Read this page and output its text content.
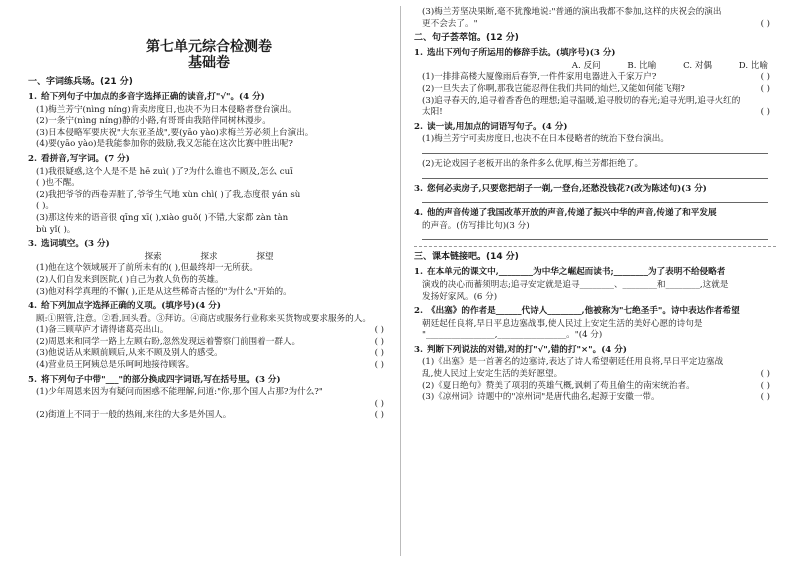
第七单元综合检测卷
基础卷
一、字词练兵场。(21 分)
1. 给下列句子中加点的多音字选择正确的读音,打"√"。(4 分)
(1)梅兰芳宁(nìng níng)肯卖房度日,也决不为日本侵略者登台演出。
(2)一条宁(nìng níng)静的小路,有哥哥由我陪伴同树林漫步。
(3)日本侵略军要庆祝"大东亚圣战",要(yāo yào)求梅兰芳必须上台演出。
(4)要(yāo yào)是我能参加你的鼓励,我又怎能在这次比赛中胜出呢?
2. 看拼音,写字词。(7 分)
(1)我很疑惑,这个人是不是 hē zuì( )了?为什么谁也不顾及,怎么 cuī
( )也不醒。
(2)我把爷爷的西卷弄脏了,爷爷生气地 xùn chì( )了我,态度很 yán sù
( )。
(3)那这传来的语音很 qīng xī( ),xiào guǒ( )不错,大家都 zàn tàn
bù yǐ( )。
3. 选词填空。(3 分)
探索	探求	探望
(1)他在这个领域展开了前所未有的( ),但最终却一无所获。
(2)人们自发来到医院,( )自己为救人负伤的英雄。
(3)他对科学真理的不懈( ),正是从这些稀奇古怪的"为什么"开始的。
4. 给下列加点字选择正确的义项。(填序号)(4 分)
顾:①照管,注意。②看,回头看。③拜访。④商店或服务行业称来买货物或要求服务的人。
(1)备三顾草庐才请得诸葛亮出山。	( )
(2)周恩来和同学一路上左顾右盼,忽然发现远着警察门前围着一群人。	( )
(3)他说话从来顾前顾后,从来不顾及别人的感受。	( )
(4)营业员王阿姨总是乐呵呵地接待顾客。	( )
5. 将下列句子中带"___"的部分换成四字词语,写在括号里。(3 分)
(1)少年周恩来因为有疑问而困惑不能理解,问道:"你,那个国人占那?为什么?"
( )

(2)街道上不同于一般的热闹,来往的大多是外国人。	( )
(3)梅兰芳坚决果断,毫不犹豫地说:"普通的演出我都不参加,这样的庆祝会的演出
更不会去了。"	( )
二、句子荟萃馆。(12 分)
1. 选出下列句子所运用的修辞手法。(填序号)(3 分)
A. 反问	B. 比喻	C. 对偶	D. 比喻
(1)一排排高楼大厦像雨后春笋,一件件家用电器进入千家万户?	( )
(2)一旦失去了你啊,那我岂能忍得住我们共同的灿烂,又能如何能飞翔?	( )
(3)追寻春天的,追寻着香香色的理想;追寻温暖,追寻殷切的春光;追寻光明,追寻火红的
太阳!	( )
2. 读一读,用加点的词语写句子。(4 分)
(1)梅兰芳宁可卖房度日,也决不在日本侵略者的统治下登台演出。
(2)无论戏园子老板开出的条件多么优厚,梅兰芳都拒绝了。
3. 您何必卖房子,只要您把胡子一剃,一登台,还愁没钱花?(改为陈述句)(3 分)
4. 他的声音传递了我国改革开放的声音,传递了振兴中华的声音,传递了和平发展
的声音。(仿写排比句)(3 分)
三、课本链接吧。(14 分)
1. 在本单元的课文中,________为中华之崛起而读书;________为了表明不给侵略者
演戏的决心而蓄须明志;追寻安定就是追寻________、________和________,这就是
发扬好家风。(6 分)
2. 《出塞》的作者是______代诗人________,他被称为"七绝圣手"。诗中表达作者希望
朝廷起任良将,早日平息边塞战事,使人民过上安定生活的美好心愿的诗句是
"________________,________________。"(4 分)
3. 判断下列说法的对错,对的打"√",错的打"×"。(4 分)
(1)《出塞》是一首著名的边塞诗,表达了诗人希望朝廷任用良将,早日平定边塞战
乱,使人民过上安定生活的美好愿望。	( )
(2)《夏日绝句》赞美了项羽的英雄气概,讽刺了苟且偷生的南宋统治者。	( )
(3)《凉州词》诗题中的"凉州词"是唐代曲名,起源于安徽一带。	( )
